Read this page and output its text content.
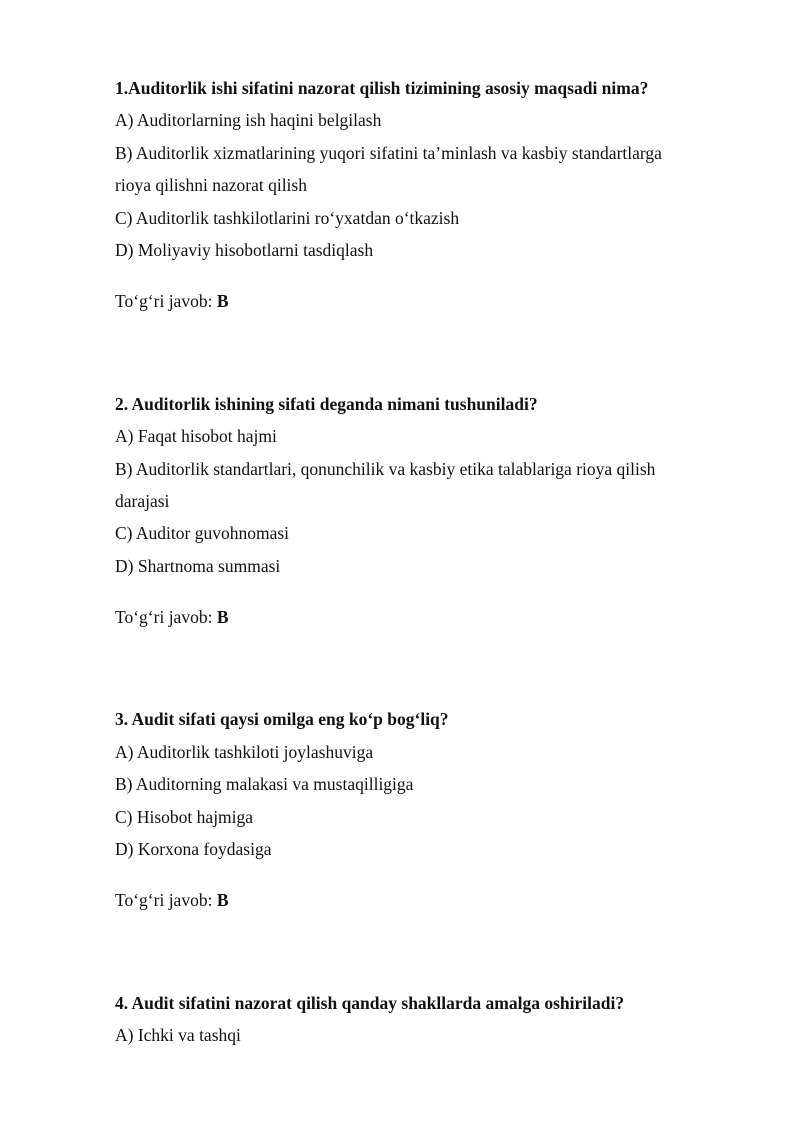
1.Auditorlik ishi sifatini nazorat qilish tizimining asosiy maqsadi nima?
A) Auditorlarning ish haqini belgilash
B) Auditorlik xizmatlarining yuqori sifatini ta’minlash va kasbiy standartlarga
rioya qilishni nazorat qilish
C) Auditorlik tashkilotlarini ro‘yxatdan o‘tkazish
D) Moliyaviy hisobotlarni tasdiqlash
To‘g‘ri javob: B
2. Auditorlik ishining sifati deganda nimani tushuniladi?
A) Faqat hisobot hajmi
B) Auditorlik standartlari, qonunchilik va kasbiy etika talablariga rioya qilish
darajasi
C) Auditor guvohnomasi
D) Shartnoma summasi
To‘g‘ri javob: B
3. Audit sifati qaysi omilga eng ko‘p bog‘liq?
A) Auditorlik tashkiloti joylashuviga
B) Auditorning malakasi va mustaqilligiga
C) Hisobot hajmiga
D) Korxona foydasiga
To‘g‘ri javob: B
4. Audit sifatini nazorat qilish qanday shakllarda amalga oshiriladi?
A) Ichki va tashqi
